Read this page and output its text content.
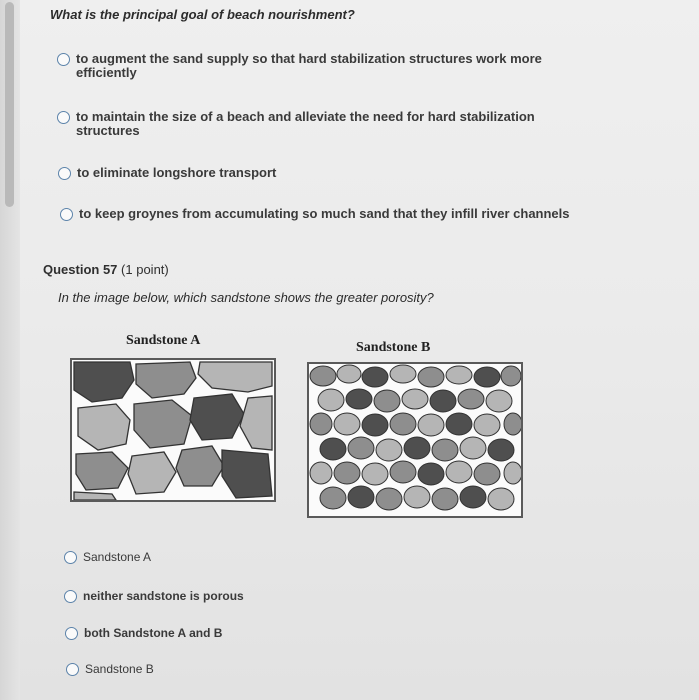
What is the principal goal of beach nourishment?
to augment the sand supply so that hard stabilization structures work more
efficiently
to maintain the size of a beach and alleviate the need for hard stabilization
structures
to eliminate longshore transport
to keep groynes from accumulating so much sand that they infill river channels
Question 57 (1 point)
In the image below, which sandstone shows the greater porosity?
Sandstone A	Sandstone B
Sandstone A
neither sandstone is porous
both Sandstone A and B
Sandstone B
